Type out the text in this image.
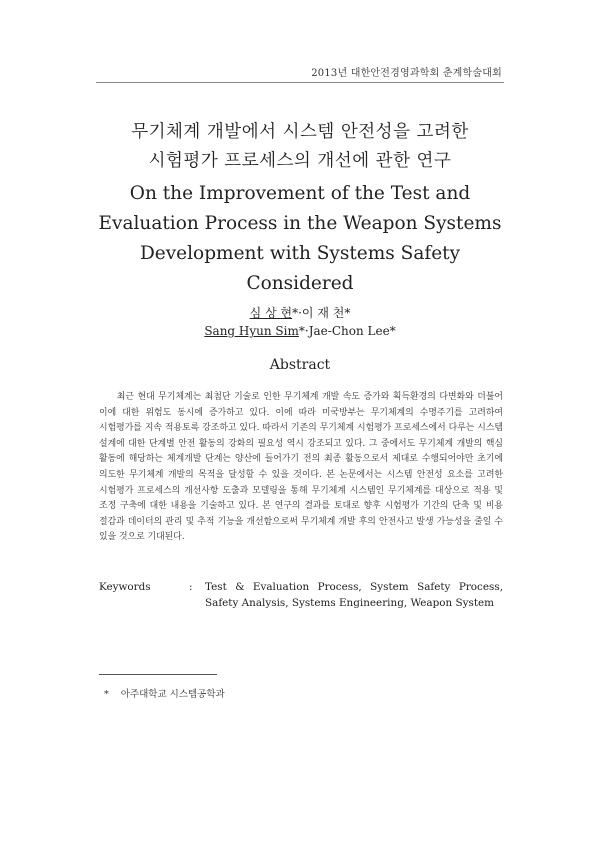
2013년 대한안전경영과학회 춘계학술대회
무기체계 개발에서 시스템 안전성을 고려한
시험평가 프로세스의 개선에 관한 연구
On the Improvement of the Test and
Evaluation Process in the Weapon Systems
Development with Systems Safety
Considered
심 상 현*·이 재 천*
Sang Hyun Sim*·Jae-Chon Lee*
Abstract
최근 현대 무기체계는 최첨단 기술로 인한 무기체계 개발 속도 증가와 획득환경의 다변화와 더불어 이에 대한 위험도 동시에 증가하고 있다. 이에 따라 미국방부는 무기체계의 수명주기를 고려하여 시험평가를 지속 적용토록 강조하고 있다. 따라서 기존의 무기체계 시험평가 프로세스에서 다루는 시스템 설계에 대한 단계별 안전 활동의 강화의 필요성 역시 강조되고 있다. 그 중에서도 무기체계 개발의 핵심 활동에 해당하는 체계개발 단계는 양산에 들어가기 전의 최종 활동으로서 제대로 수행되어야만 초기에 의도한 무기체계 개발의 목적을 달성할 수 있을 것이다. 본 논문에서는 시스템 안전성 요소를 고려한 시험평가 프로세스의 개선사항 도출과 모델링을 통해 무기체계 시스템인 무기체계를 대상으로 적용 및 조정 구축에 대한 내용을 기술하고 있다. 본 연구의 결과를 토대로 향후 시험평가 기간의 단축 및 비용 절감과 데이터의 관리 및 추적 기능을 개선함으로써 무기체계 개발 후의 안전사고 발생 가능성을 줄일 수 있을 것으로 기대된다.
Keywords	: Test & Evaluation Process, System Safety Process, Safety Analysis, Systems Engineering, Weapon System
* 아주대학교 시스템공학과
